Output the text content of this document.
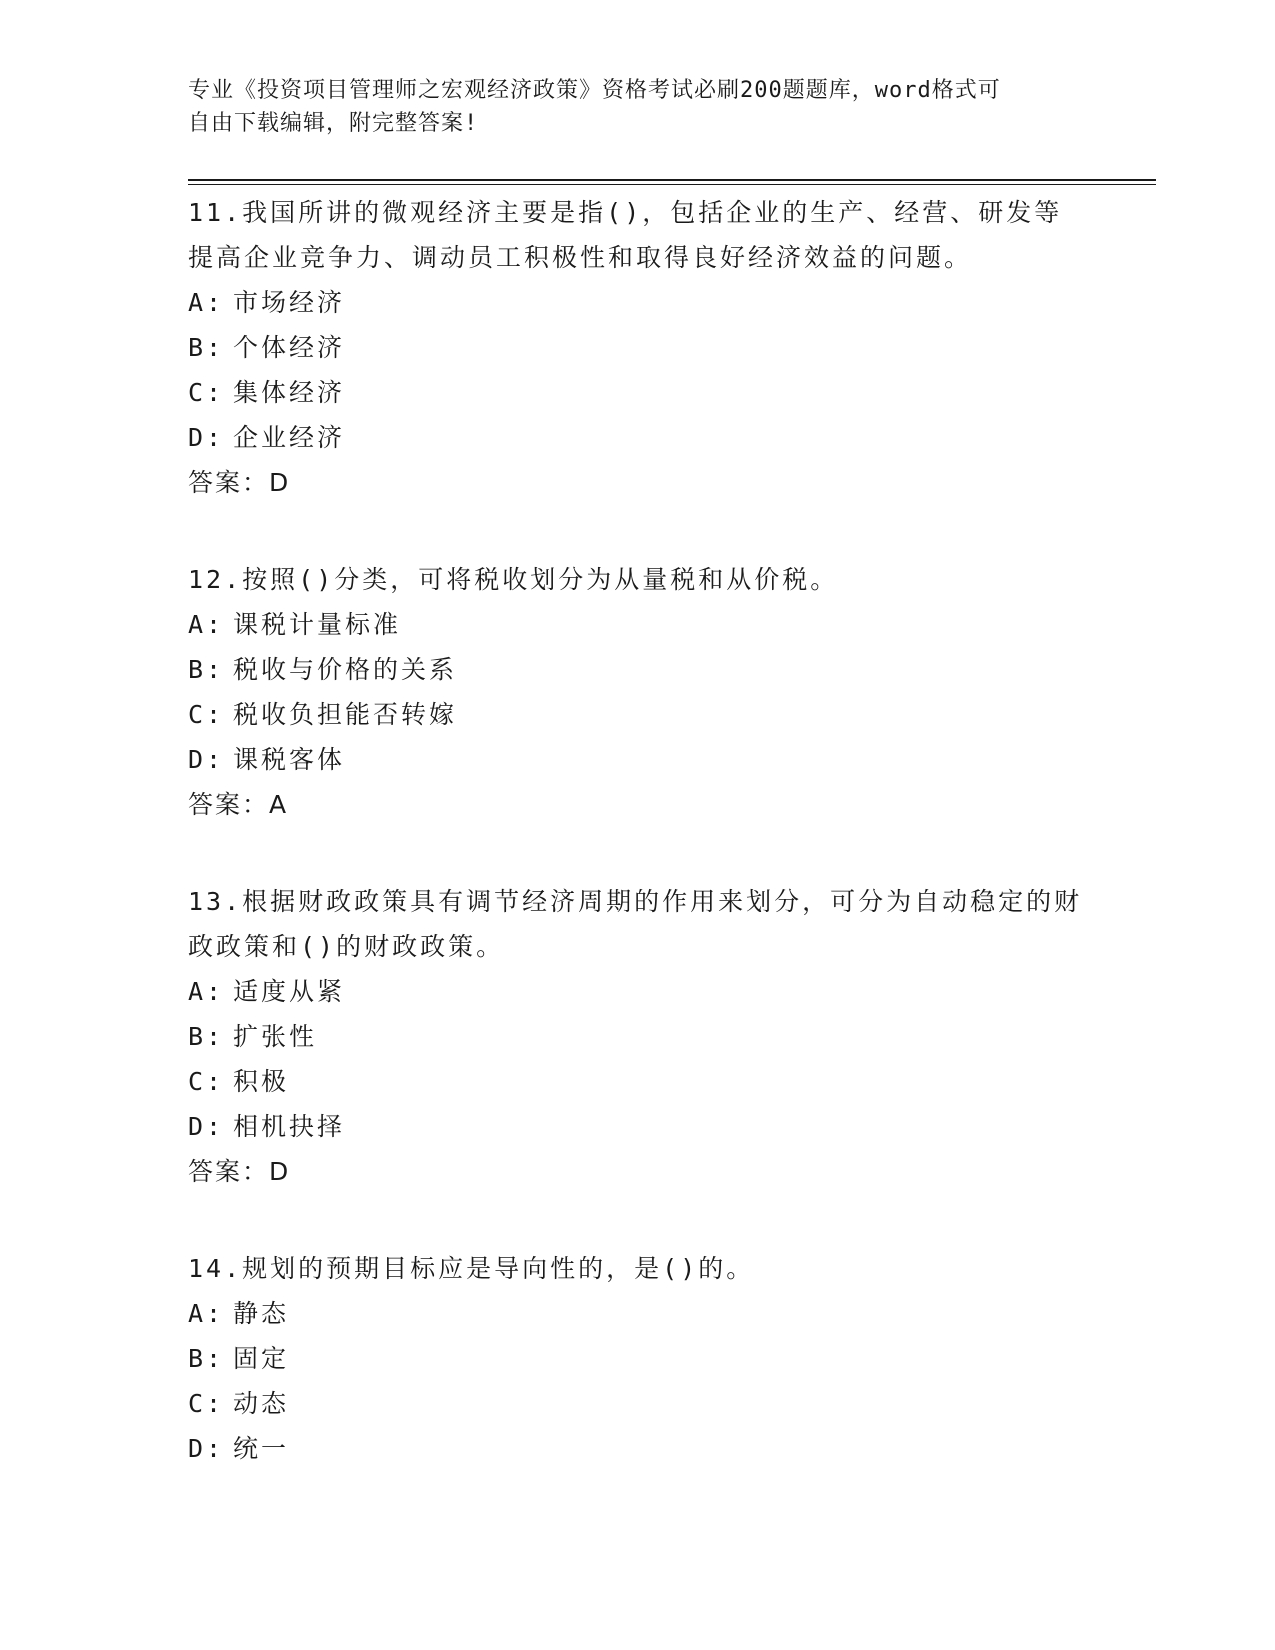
专业《投资项目管理师之宏观经济政策》资格考试必刷200题题库，word格式可
自由下载编辑，附完整答案!
11.我国所讲的微观经济主要是指()，包括企业的生产、经营、研发等提高企业竞争力、调动员工积极性和取得良好经济效益的问题。
A: 市场经济
B: 个体经济
C: 集体经济
D: 企业经济
答案：D
12.按照()分类，可将税收划分为从量税和从价税。
A: 课税计量标准
B: 税收与价格的关系
C: 税收负担能否转嫁
D: 课税客体
答案：A
13.根据财政政策具有调节经济周期的作用来划分，可分为自动稳定的财政政策和()的财政政策。
A: 适度从紧
B: 扩张性
C: 积极
D: 相机抉择
答案：D
14.规划的预期目标应是导向性的，是()的。
A: 静态
B: 固定
C: 动态
D: 统一
